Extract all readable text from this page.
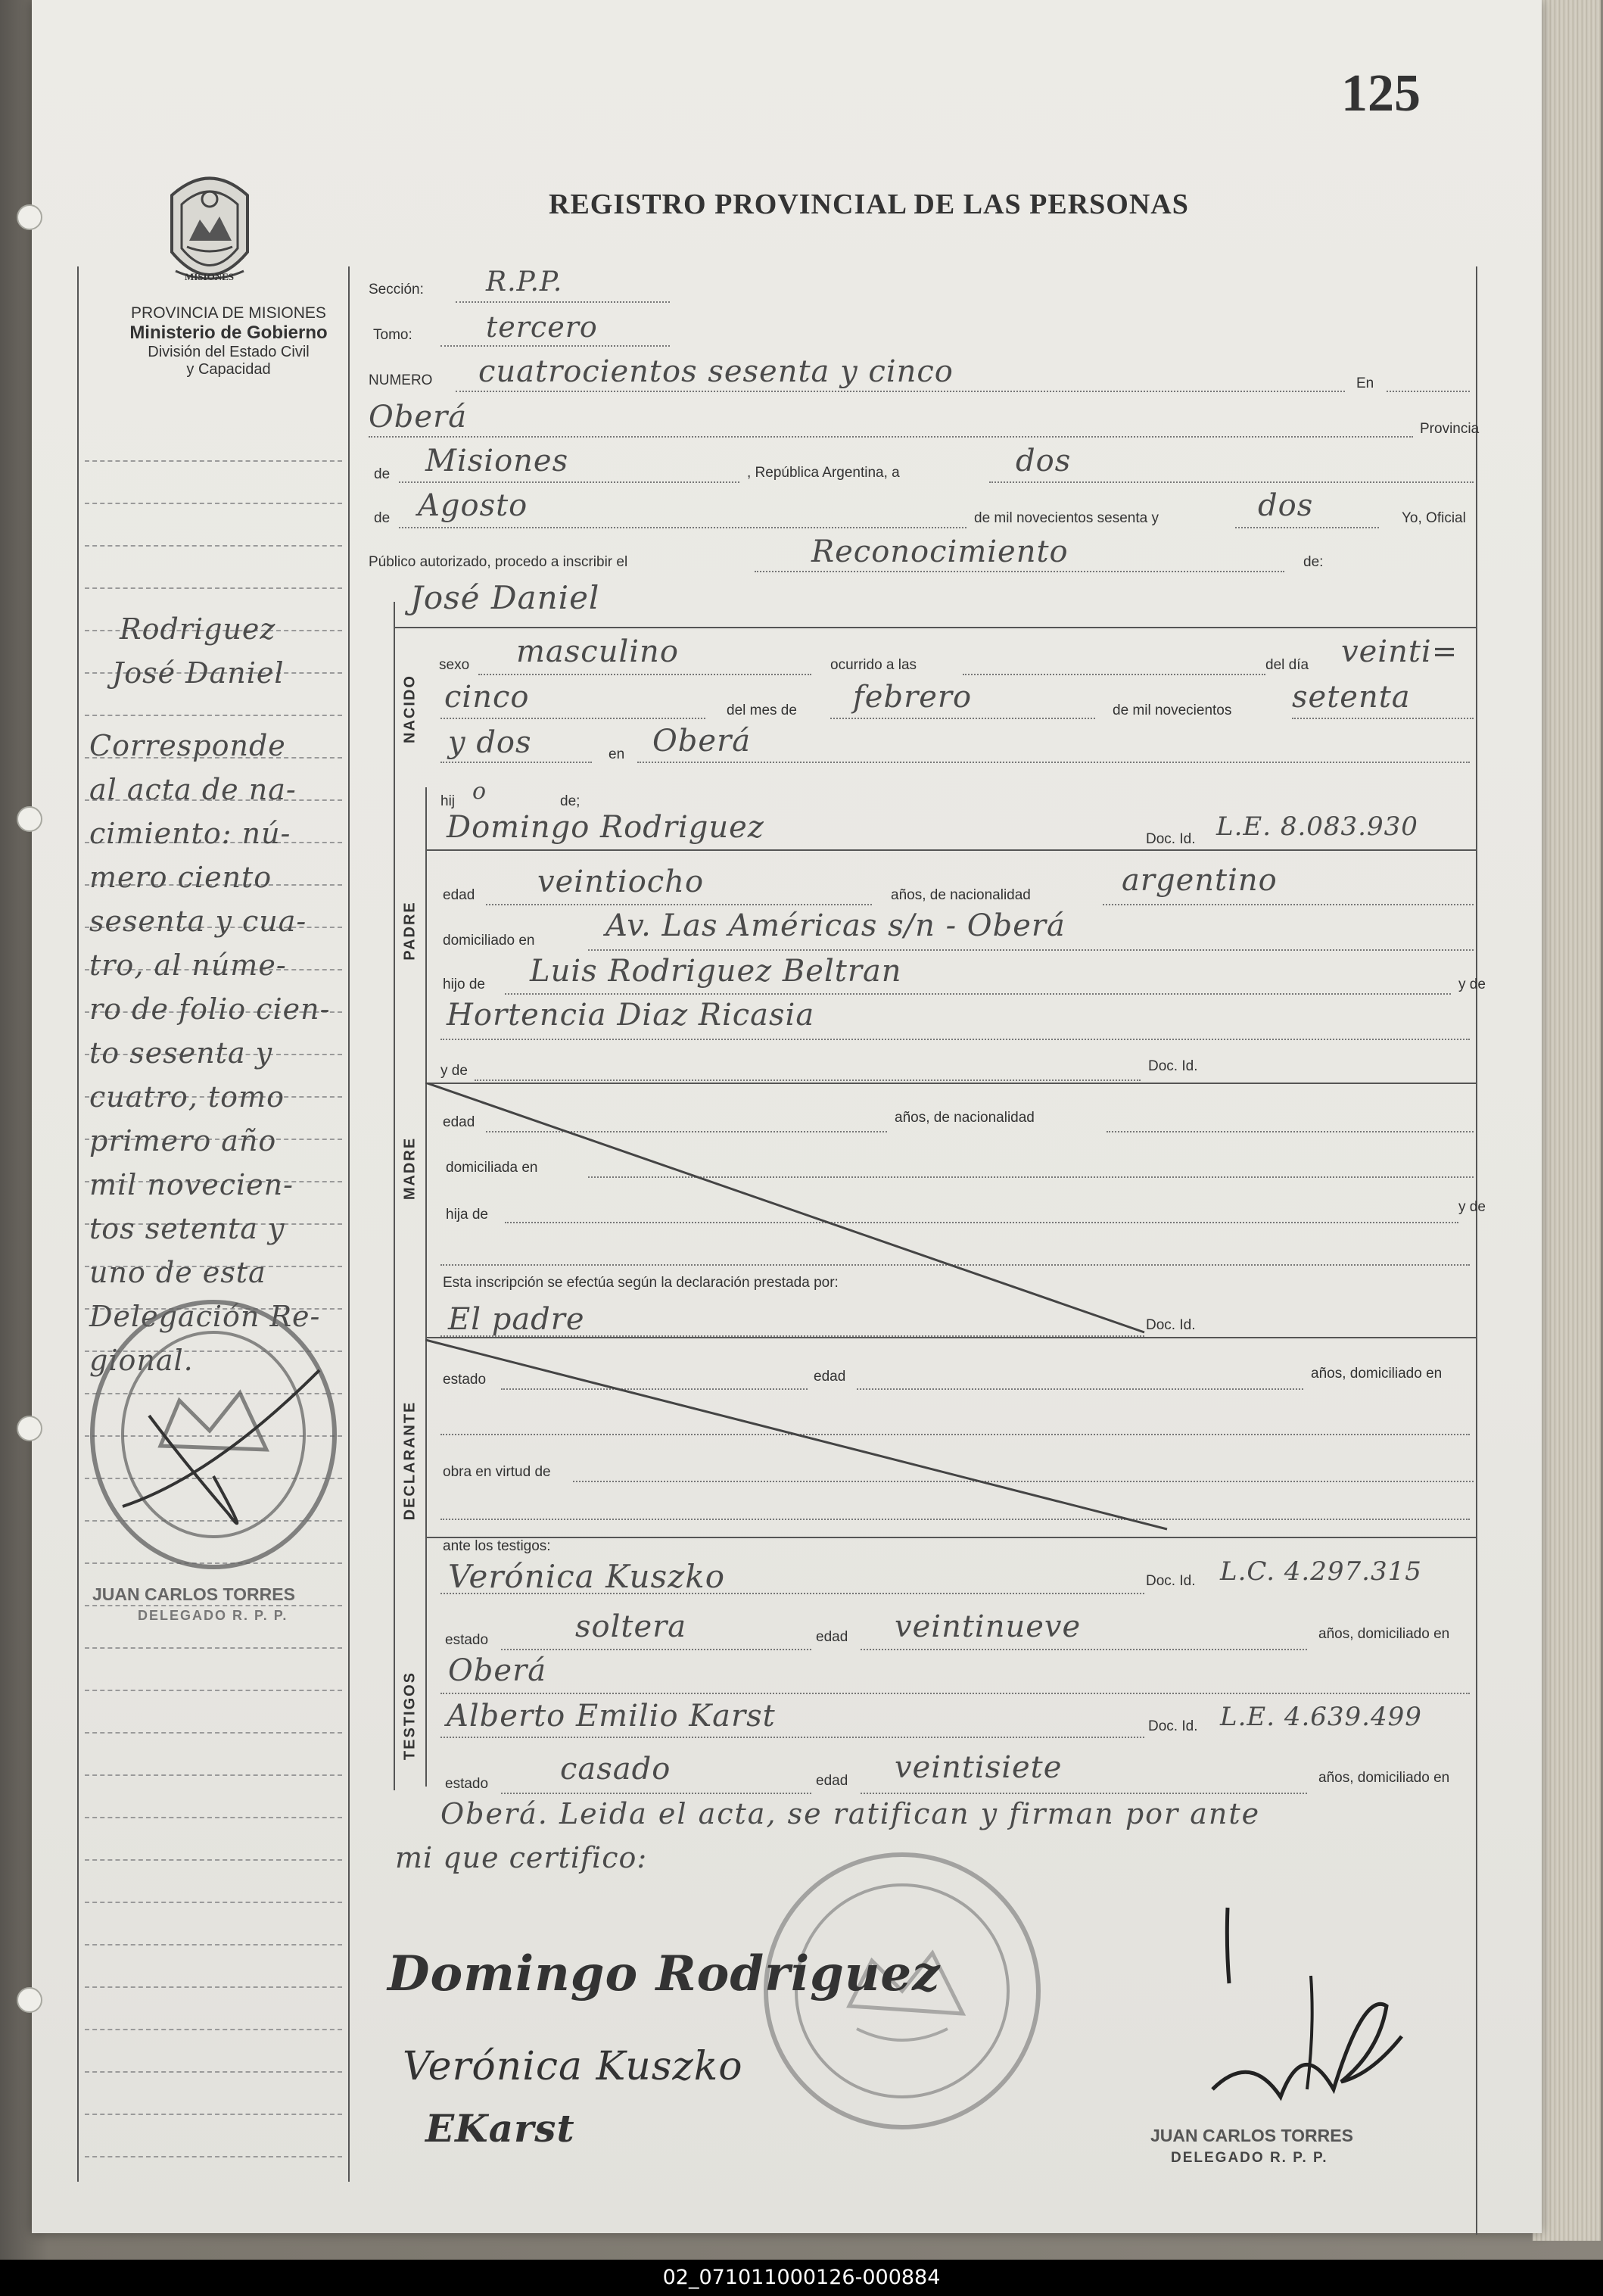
125
REGISTRO PROVINCIAL DE LAS PERSONAS
MISIONES
PROVINCIA DE MISIONES
Ministerio de Gobierno
División del Estado Civil
y Capacidad
Rodriguez
José Daniel
Corresponde
al acta de na-
cimiento: nú-
mero ciento
sesenta y cua-
tro, al núme-
ro de folio cien-
to sesenta y
cuatro, tomo
primero año
mil novecien-
tos setenta y
uno de esta
Delegación Re-
gional.
JUAN CARLOS TORRES
DELEGADO R. P. P.
Sección: R.P.P.
Tomo:	tercero
NUMERO cuatrocientos sesenta y cinco	En
Oberá	Provincia
de Misiones	, República Argentina, a	dos
de Agosto	de mil novecientos sesenta y	dos	Yo, Oficial
Público autorizado, procedo a inscribir el	Reconocimiento	de:
José Daniel
NACIDO
sexo masculino	ocurrido a las	del día veinti=
cinco	del mes de febrero	de mil novecientos setenta
y dos	en Oberá
hij o	de;
PADRE
Domingo Rodriguez	Doc. Id. L.E. 8.083.930
edad veintiocho	años, de nacionalidad	argentino
domiciliado en Av. Las Américas s/n - Oberá
hijo de Luis Rodriguez Beltran	y de
Hortencia Diaz Ricasia
y de	Doc. Id.
MADRE
edad	años, de nacionalidad
domiciliada en
hija de	y de
Esta inscripción se efectúa según la declaración prestada por:
El padre	Doc. Id.
DECLARANTE
estado	edad	años, domiciliado en
obra en virtud de
ante los testigos:
TESTIGOS
Verónica Kuszko	Doc. Id. L.C. 4.297.315
estado	soltera	edad veintinueve	años, domiciliado en
Oberá
Alberto Emilio Karst	Doc. Id. L.E. 4.639.499
estado casado	edad veintisiete	años, domiciliado en
Oberá. Leida el acta, se ratifican y firman por ante
mi que certifico:
Domingo Rodriguez
Verónica Kuszko
EKarst	JUAN CARLOS TORRES
DELEGADO R. P. P.
02_071011000126-000884
